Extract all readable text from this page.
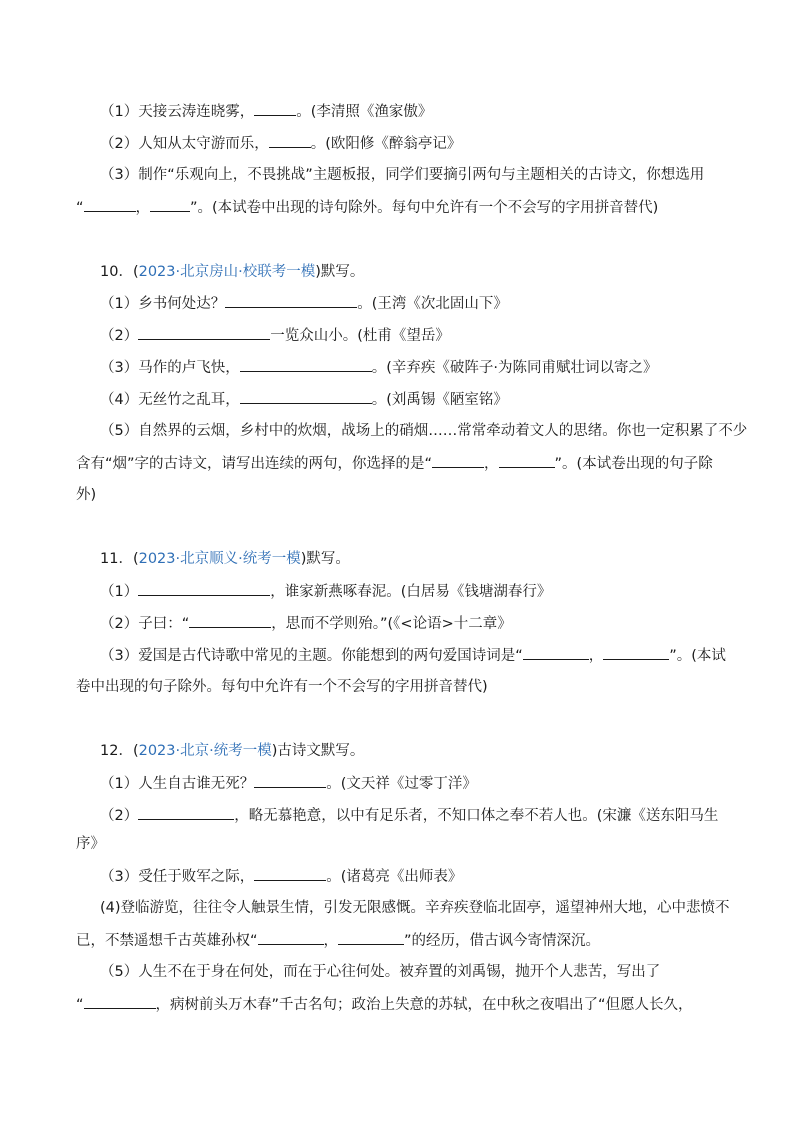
（1）天接云涛连晓雾，	。(李清照《渔家傲》
（2）人知从太守游而乐，	。(欧阳修《醉翁亭记》
（3）制作“乐观向上，不畏挑战”主题板报，同学们要摘引两句与主题相关的古诗文，你想选用
“	，	”。(本试卷中出现的诗句除外。每句中允许有一个不会写的字用拼音替代)
10．(2023·北京房山·校联考一模)默写。
（1）乡书何处达？	。(王湾《次北固山下》
（2）	一览众山小。(杜甫《望岳》
（3）马作的卢飞快，	。(辛弃疾《破阵子·为陈同甫赋壮词以寄之》
（4）无丝竹之乱耳，	。(刘禹锡《陋室铭》
（5）自然界的云烟，乡村中的炊烟，战场上的硝烟……常常牵动着文人的思绪。你也一定积累了不少
含有“烟”字的古诗文，请写出连续的两句，你选择的是“	，	”。(本试卷出现的句子除
外)
11．(2023·北京顺义·统考一模)默写。
（1）	，谁家新燕啄春泥。(白居易《钱塘湖春行》
（2）子曰：“	，思而不学则殆。”(《<论语>十二章》
（3）爱国是古代诗歌中常见的主题。你能想到的两句爱国诗词是“	，	”。(本试
卷中出现的句子除外。每句中允许有一个不会写的字用拼音替代)
12．(2023·北京·统考一模)古诗文默写。
（1）人生自古谁无死？	。(文天祥《过零丁洋》
（2）	，略无慕艳意，以中有足乐者，不知口体之奉不若人也。(宋濂《送东阳马生
序》
（3）受任于败军之际，	。(诸葛亮《出师表》
(4)登临游览，往往令人触景生情，引发无限感慨。辛弃疾登临北固亭，遥望神州大地，心中悲愤不
已，不禁遥想千古英雄孙权“	，	”的经历，借古讽今寄情深沉。
（5）人生不在于身在何处，而在于心往何处。被弃置的刘禹锡，抛开个人悲苦，写出了
“	，病树前头万木春”千古名句；政治上失意的苏轼，在中秋之夜唱出了“但愿人长久，
